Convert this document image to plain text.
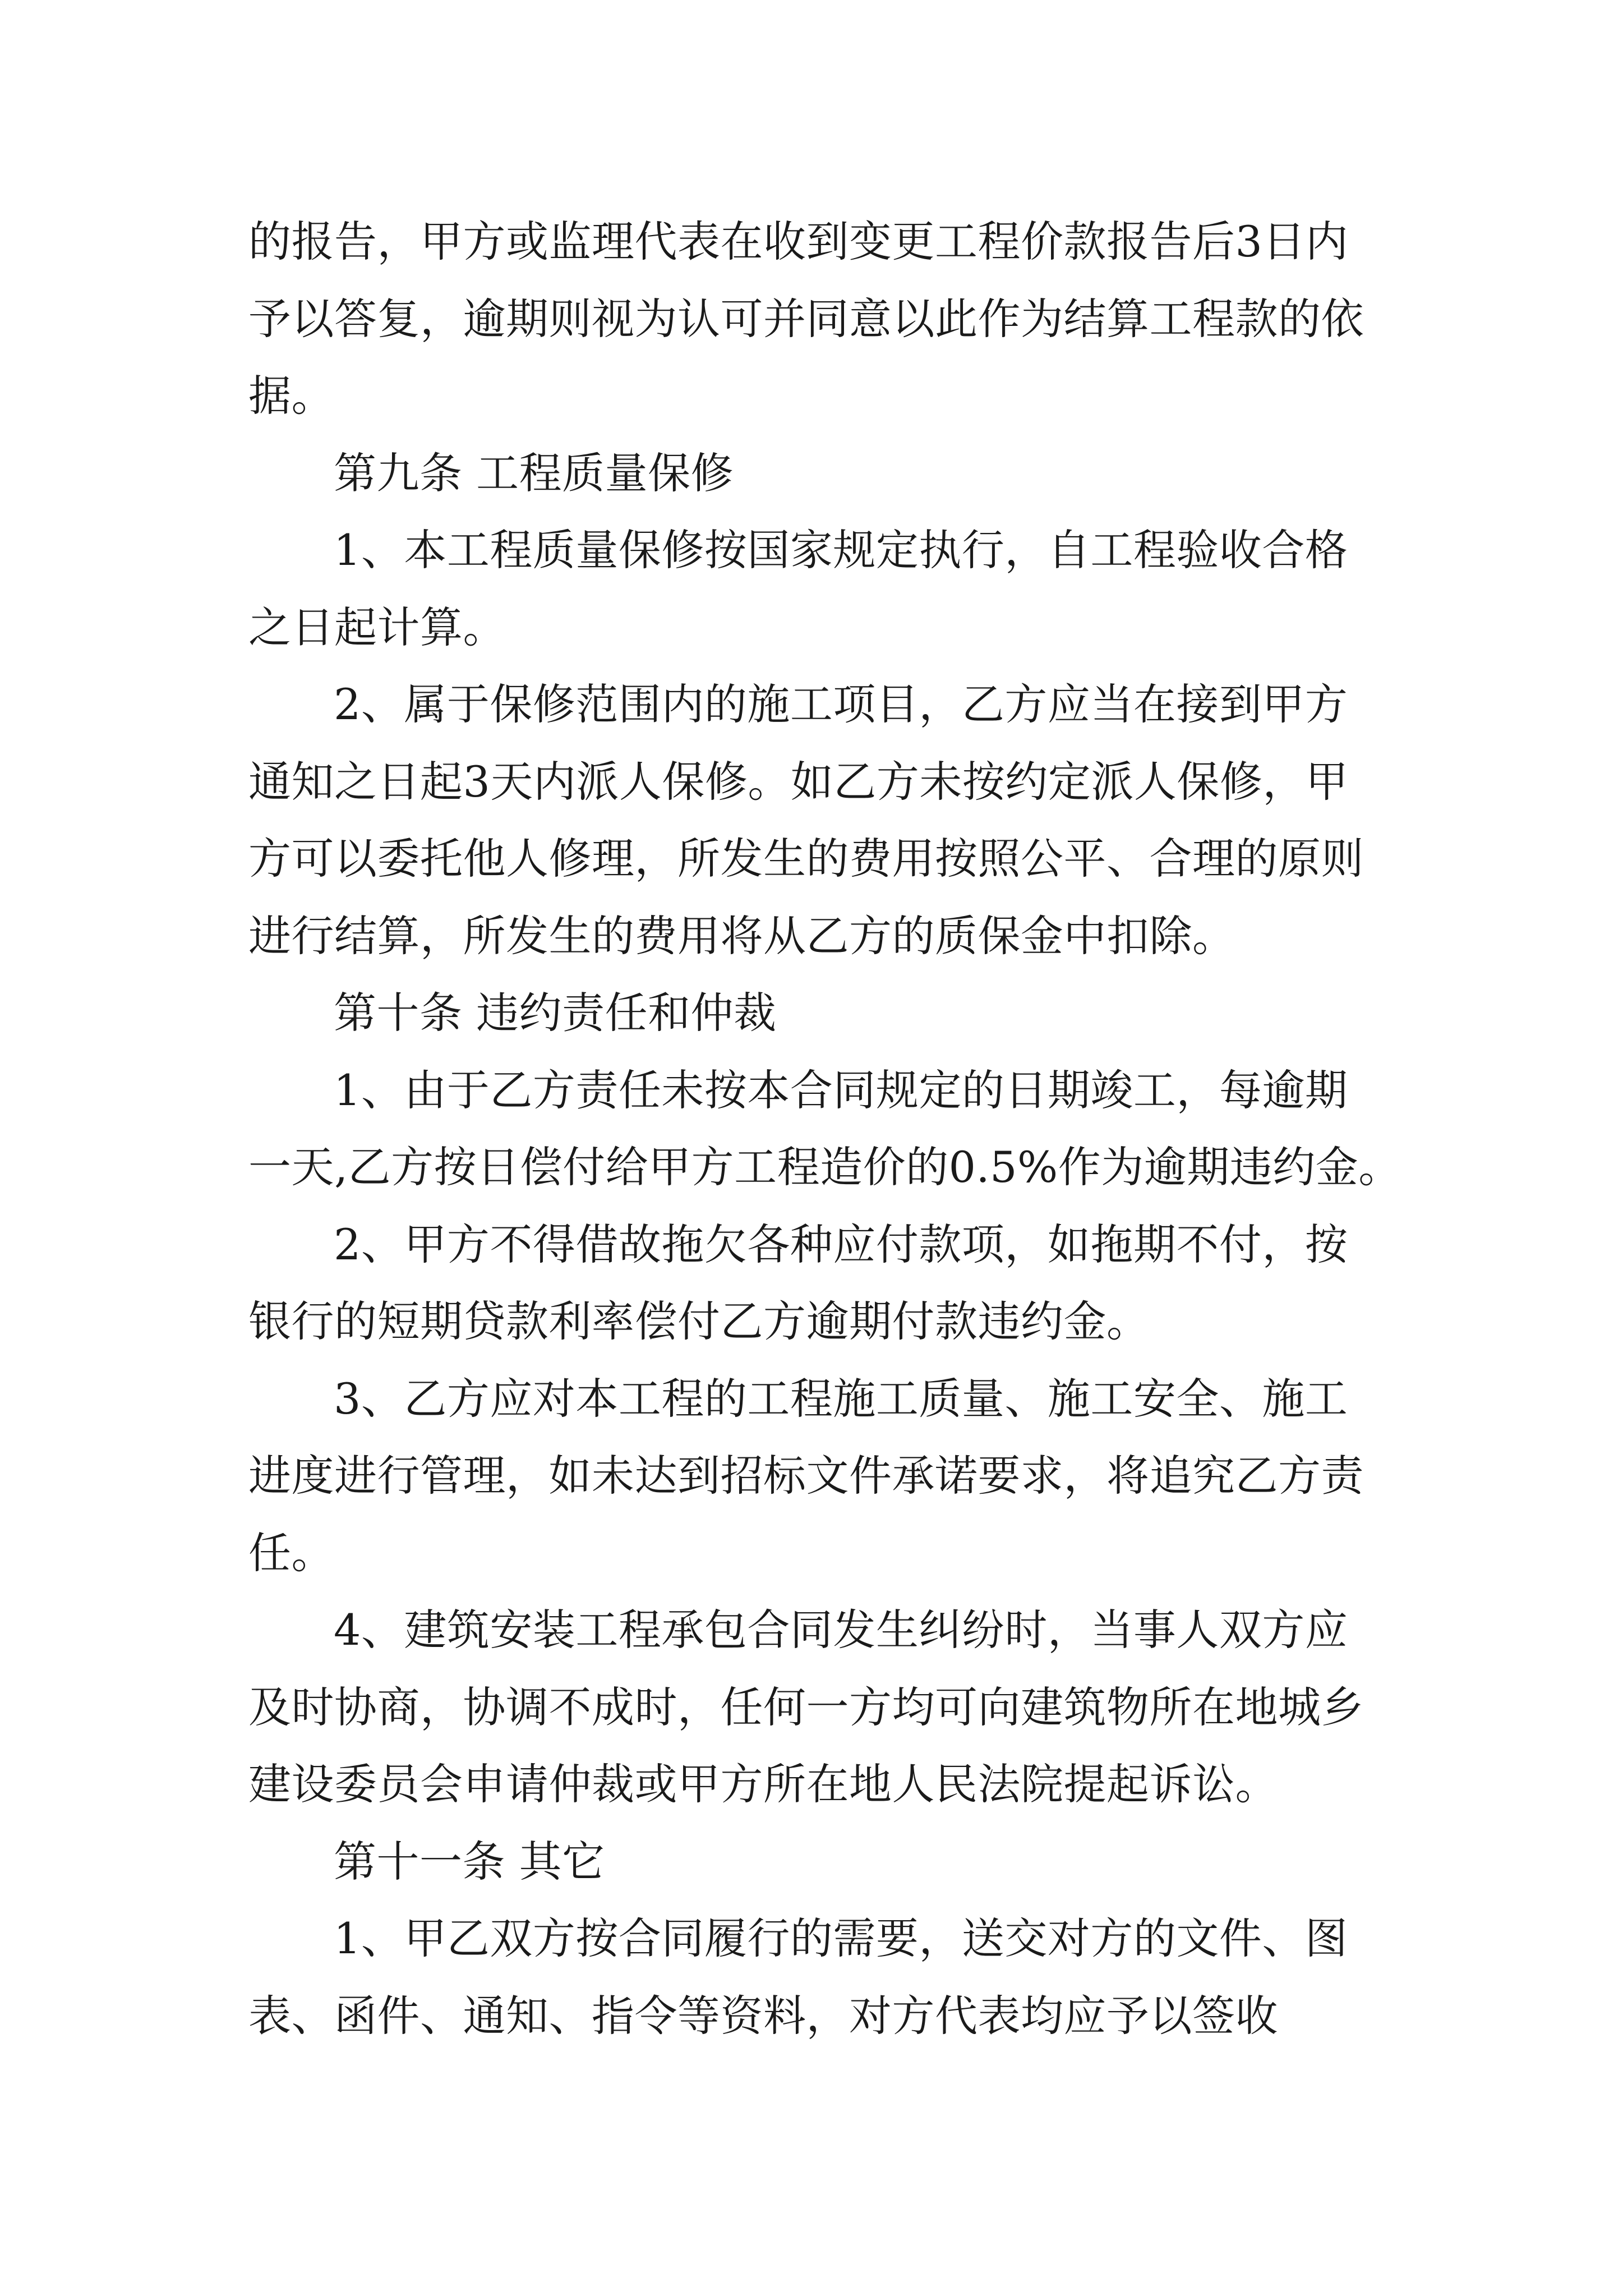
的报告，甲方或监理代表在收到变更工程价款报告后3日内
予以答复，逾期则视为认可并同意以此作为结算工程款的依
据。
第九条 工程质量保修
1、本工程质量保修按国家规定执行，自工程验收合格
之日起计算。
2、属于保修范围内的施工项目，乙方应当在接到甲方
通知之日起3天内派人保修。如乙方未按约定派人保修，甲
方可以委托他人修理，所发生的费用按照公平、合理的原则
进行结算，所发生的费用将从乙方的质保金中扣除。
第十条 违约责任和仲裁
1、由于乙方责任未按本合同规定的日期竣工，每逾期
一天,乙方按日偿付给甲方工程造价的0.5%作为逾期违约金。
2、甲方不得借故拖欠各种应付款项，如拖期不付，按
银行的短期贷款利率偿付乙方逾期付款违约金。
3、乙方应对本工程的工程施工质量、施工安全、施工
进度进行管理，如未达到招标文件承诺要求，将追究乙方责
任。
4、建筑安装工程承包合同发生纠纷时，当事人双方应
及时协商，协调不成时，任何一方均可向建筑物所在地城乡
建设委员会申请仲裁或甲方所在地人民法院提起诉讼。
第十一条 其它
1、甲乙双方按合同履行的需要，送交对方的文件、图
表、函件、通知、指令等资料，对方代表均应予以签收
